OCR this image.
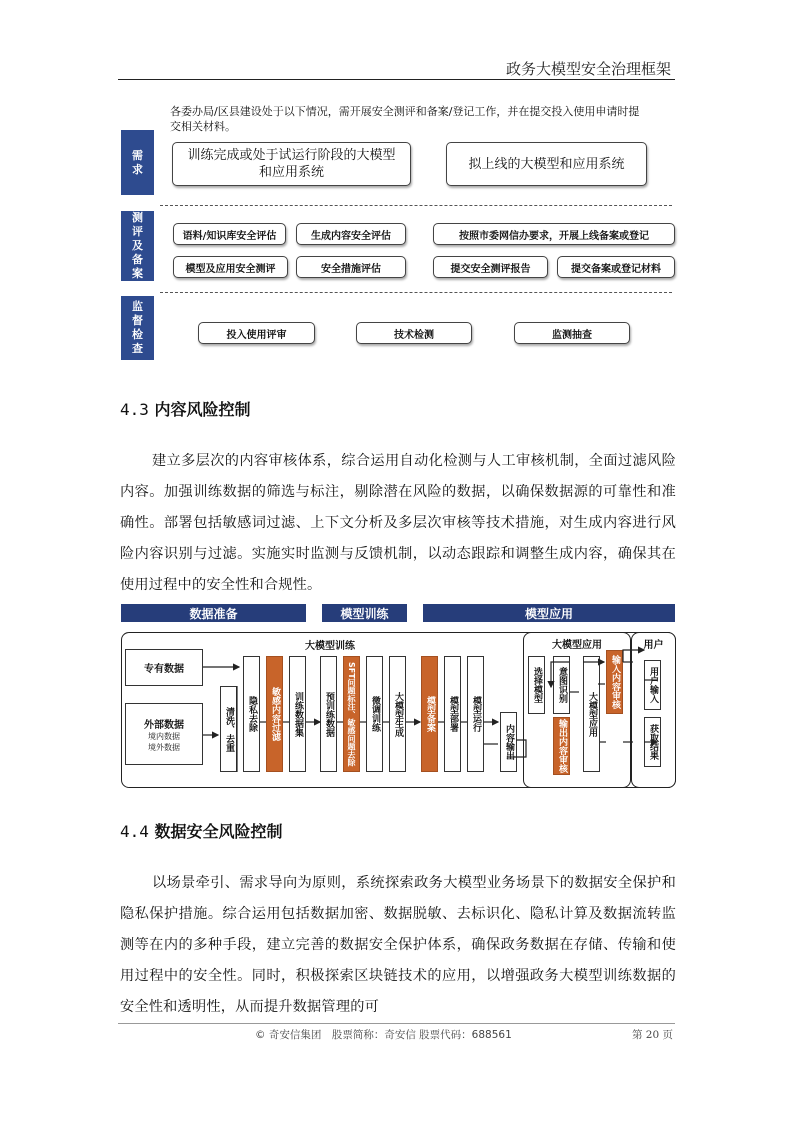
政务大模型安全治理框架
各委办局/区县建设处于以下情况，需开展安全测评和备案/登记工作，并在提交投入使用申请时提交相关材料。
需求
测评及备案
监督检查
训练完成或处于试运行阶段的大模型和应用系统
拟上线的大模型和应用系统
语料/知识库安全评估	生成内容安全评估	按照市委网信办要求，开展上线备案或登记
模型及应用安全测评	安全措施评估	提交安全测评报告	提交备案或登记材料
投入使用评审	技术检测	监测抽查
4.3 内容风险控制
建立多层次的内容审核体系，综合运用自动化检测与人工审核机制，全面过滤风险内容。加强训练数据的筛选与标注，剔除潜在风险的数据，以确保数据源的可靠性和准确性。部署包括敏感词过滤、上下文分析及多层次审核等技术措施，对生成内容进行风险内容识别与过滤。实施实时监测与反馈机制，以动态跟踪和调整生成内容，确保其在使用过程中的安全性和合规性。
数据准备	模型训练	模型应用
大模型训练	大模型应用	用户
专有数据
外部数据
境内数据
境外数据	清洗、去重 隐私去除 敏感内容过滤 训练数据集 预训练数据 SFT问题标注、敏感问题去除 微调训练 大模型生成 模型备案 模型部署 模型运行
内容输出
选择模型 意图识别
大模型应用
输入内容审核
输出内容审核
用户输入
获取结果
4.4 数据安全风险控制
以场景牵引、需求导向为原则，系统探索政务大模型业务场景下的数据安全保护和隐私保护措施。综合运用包括数据加密、数据脱敏、去标识化、隐私计算及数据流转监测等在内的多种手段，建立完善的数据安全保护体系，确保政务数据在存储、传输和使用过程中的安全性。同时，积极探索区块链技术的应用，以增强政务大模型训练数据的安全性和透明性，从而提升数据管理的可
© 奇安信集团　股票简称：奇安信 股票代码：688561	第 20 页
